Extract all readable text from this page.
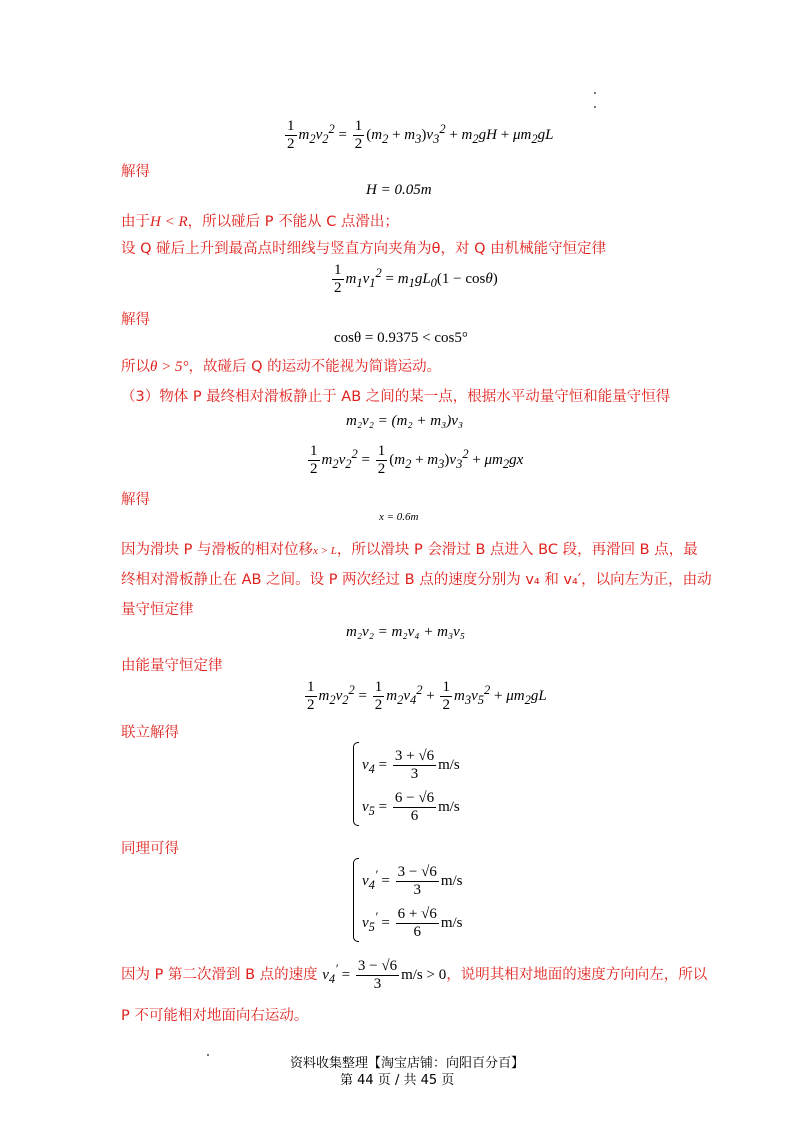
$\frac{1}{2} m_2v_2^2 = \frac{1}{2} (m_2 + m_3)v_3^2 + m_2gH + \mu m_2gL$
解得
H = 0.05m
由于H < R，所以碰后 P 不能从 C 点滑出；
设 Q 碰后上升到最高点时细线与竖直方向夹角为θ，对 Q 由机械能守恒定律
$\frac{1}{2} m_1v_1^2 = m_1gL_0(1 - \cos\theta)$
解得
cosθ = 0.9375 < cos5°
所以θ > 5°，故碰后 Q 的运动不能视为简谐运动。
（3）物体 P 最终相对滑板静止于 AB 之间的某一点，根据水平动量守恒和能量守恒得
m₂v₂ = (m₂ + m₃)v₃
$\frac{1}{2} m_2v_2^2 = \frac{1}{2} (m_2 + m_3)v_3^2 + \mu m_2gx$
解得
x = 0.6m
因为滑块 P 与滑板的相对位移x > L，所以滑块 P 会滑过 B 点进入 BC 段，再滑回 B 点，最
终相对滑板静止在 AB 之间。设 P 两次经过 B 点的速度分别为 v₄ 和 v₄′，以向左为正，由动
量守恒定律
m₂v₂ = m₂v₄ + m₃v₅
由能量守恒定律
$\frac{1}{2} m_2v_2^2 = \frac{1}{2} m_2v_4^2 + \frac{1}{2} m_3v_5^2 + \mu m_2gL$
联立解得
$v_4 = \frac{3 + √6}{3} m/s$
$v_5 = \frac{6 - √6}{6} m/s$
同理可得
$v_4' = \frac{3 - √6}{3} m/s$
$v_5' = \frac{6 + √6}{6} m/s$
因为 P 第二次滑到 B 点的速度 $v_4' = \frac{3 - √6}{3} m/s > 0$，说明其相对地面的速度方向向左，所以
P 不可能相对地面向右运动。
资料收集整理【淘宝店铺：向阳百分百】
第 44 页 / 共 45 页
